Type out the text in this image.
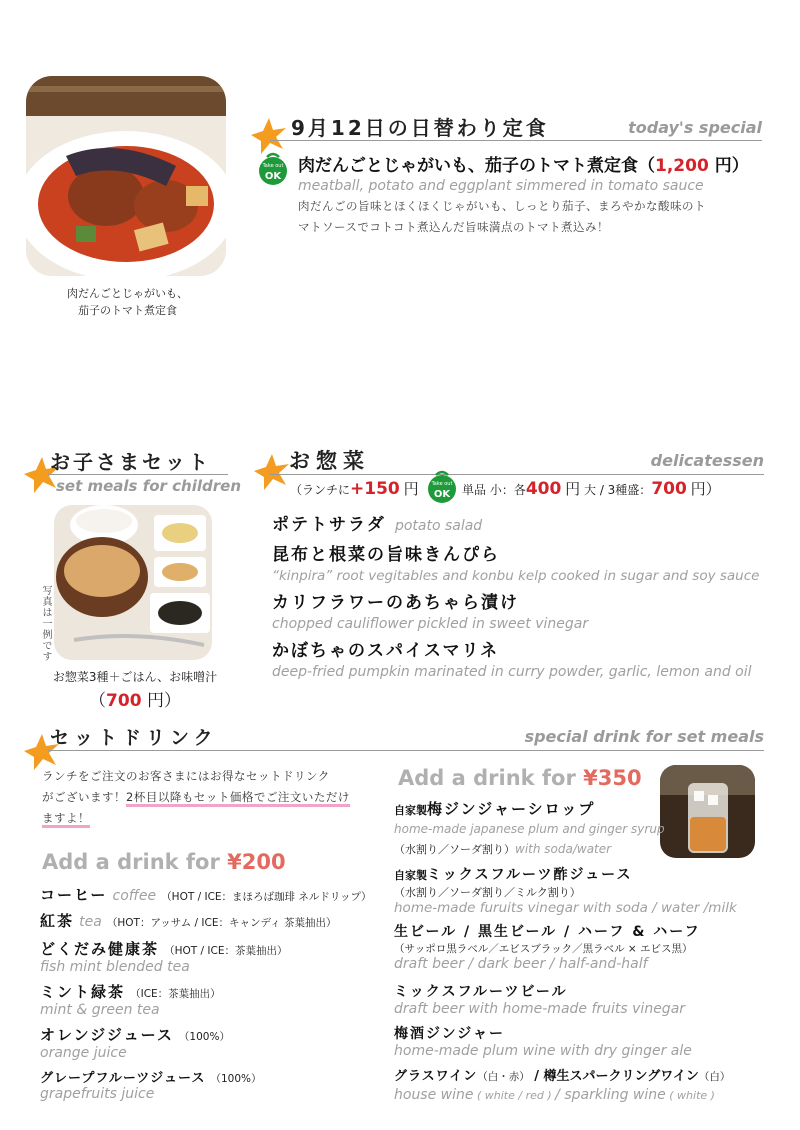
肉だんごとじゃがいも、
茄子のトマト煮定食
9月12日の日替わり定食	today's special
Take out
OK
肉だんごとじゃがいも、茄子のトマト煮定食（1,200 円）
meatball, potato and eggplant simmered in tomato sauce
肉だんごの旨味とほくほくじゃがいも、しっとり茄子、まろやかな酸味のト
マトソースでコトコト煮込んだ旨味満点のトマト煮込み！
お子さまセット
set meals for children
写真は一例です
お惣菜3種＋ごはん、お味噌汁
（700 円）
お惣菜	delicatessen
（ランチに+150 円	Take out
OK 単品 小：各400 円 大 / 3種盛：700 円）
ポテトサラダ potato salad
昆布と根菜の旨味きんぴら
“kinpira” root vegitables and konbu kelp cooked in sugar and soy sauce
カリフラワーのあちゃら漬け
chopped cauliflower pickled in sweet vinegar
かぼちゃのスパイスマリネ
deep-fried pumpkin marinated in curry powder, garlic, lemon and oil
セットドリンク	special drink for set meals
ランチをご注文のお客さまにはお得なセットドリンク
がございます！2杯目以降もセット価格でご注文いただけ
ますよ！
Add a drink for ¥200
コーヒー coffee （HOT / ICE：まほろば珈琲 ネルドリップ）
紅茶 tea （HOT：アッサム / ICE：キャンディ 茶葉抽出）
どくだみ健康茶 （HOT / ICE：茶葉抽出）
fish mint blended tea
ミント緑茶 （ICE：茶葉抽出）
mint & green tea
オレンジジュース （100%）
orange juice
グレープフルーツジュース （100%）
grapefruits juice
Add a drink for ¥350
自家製梅ジンジャーシロップ
home-made japanese plum and ginger syrup
（水割り／ソーダ割り）with soda/water
自家製ミックスフルーツ酢ジュース
（水割り／ソーダ割り／ミルク割り）
home-made furuits vinegar with soda / water /milk
生ビール / 黒生ビール / ハーフ & ハーフ
（サッポロ黒ラベル／エビスブラック／黒ラベル × エビス黒）
draft beer / dark beer / half-and-half
ミックスフルーツビール
draft beer with home-made fruits vinegar
梅酒ジンジャー
home-made plum wine with dry ginger ale
グラスワイン（白・赤） / 樽生スパークリングワイン（白）
house wine ( white / red ) / sparkling wine ( white )
